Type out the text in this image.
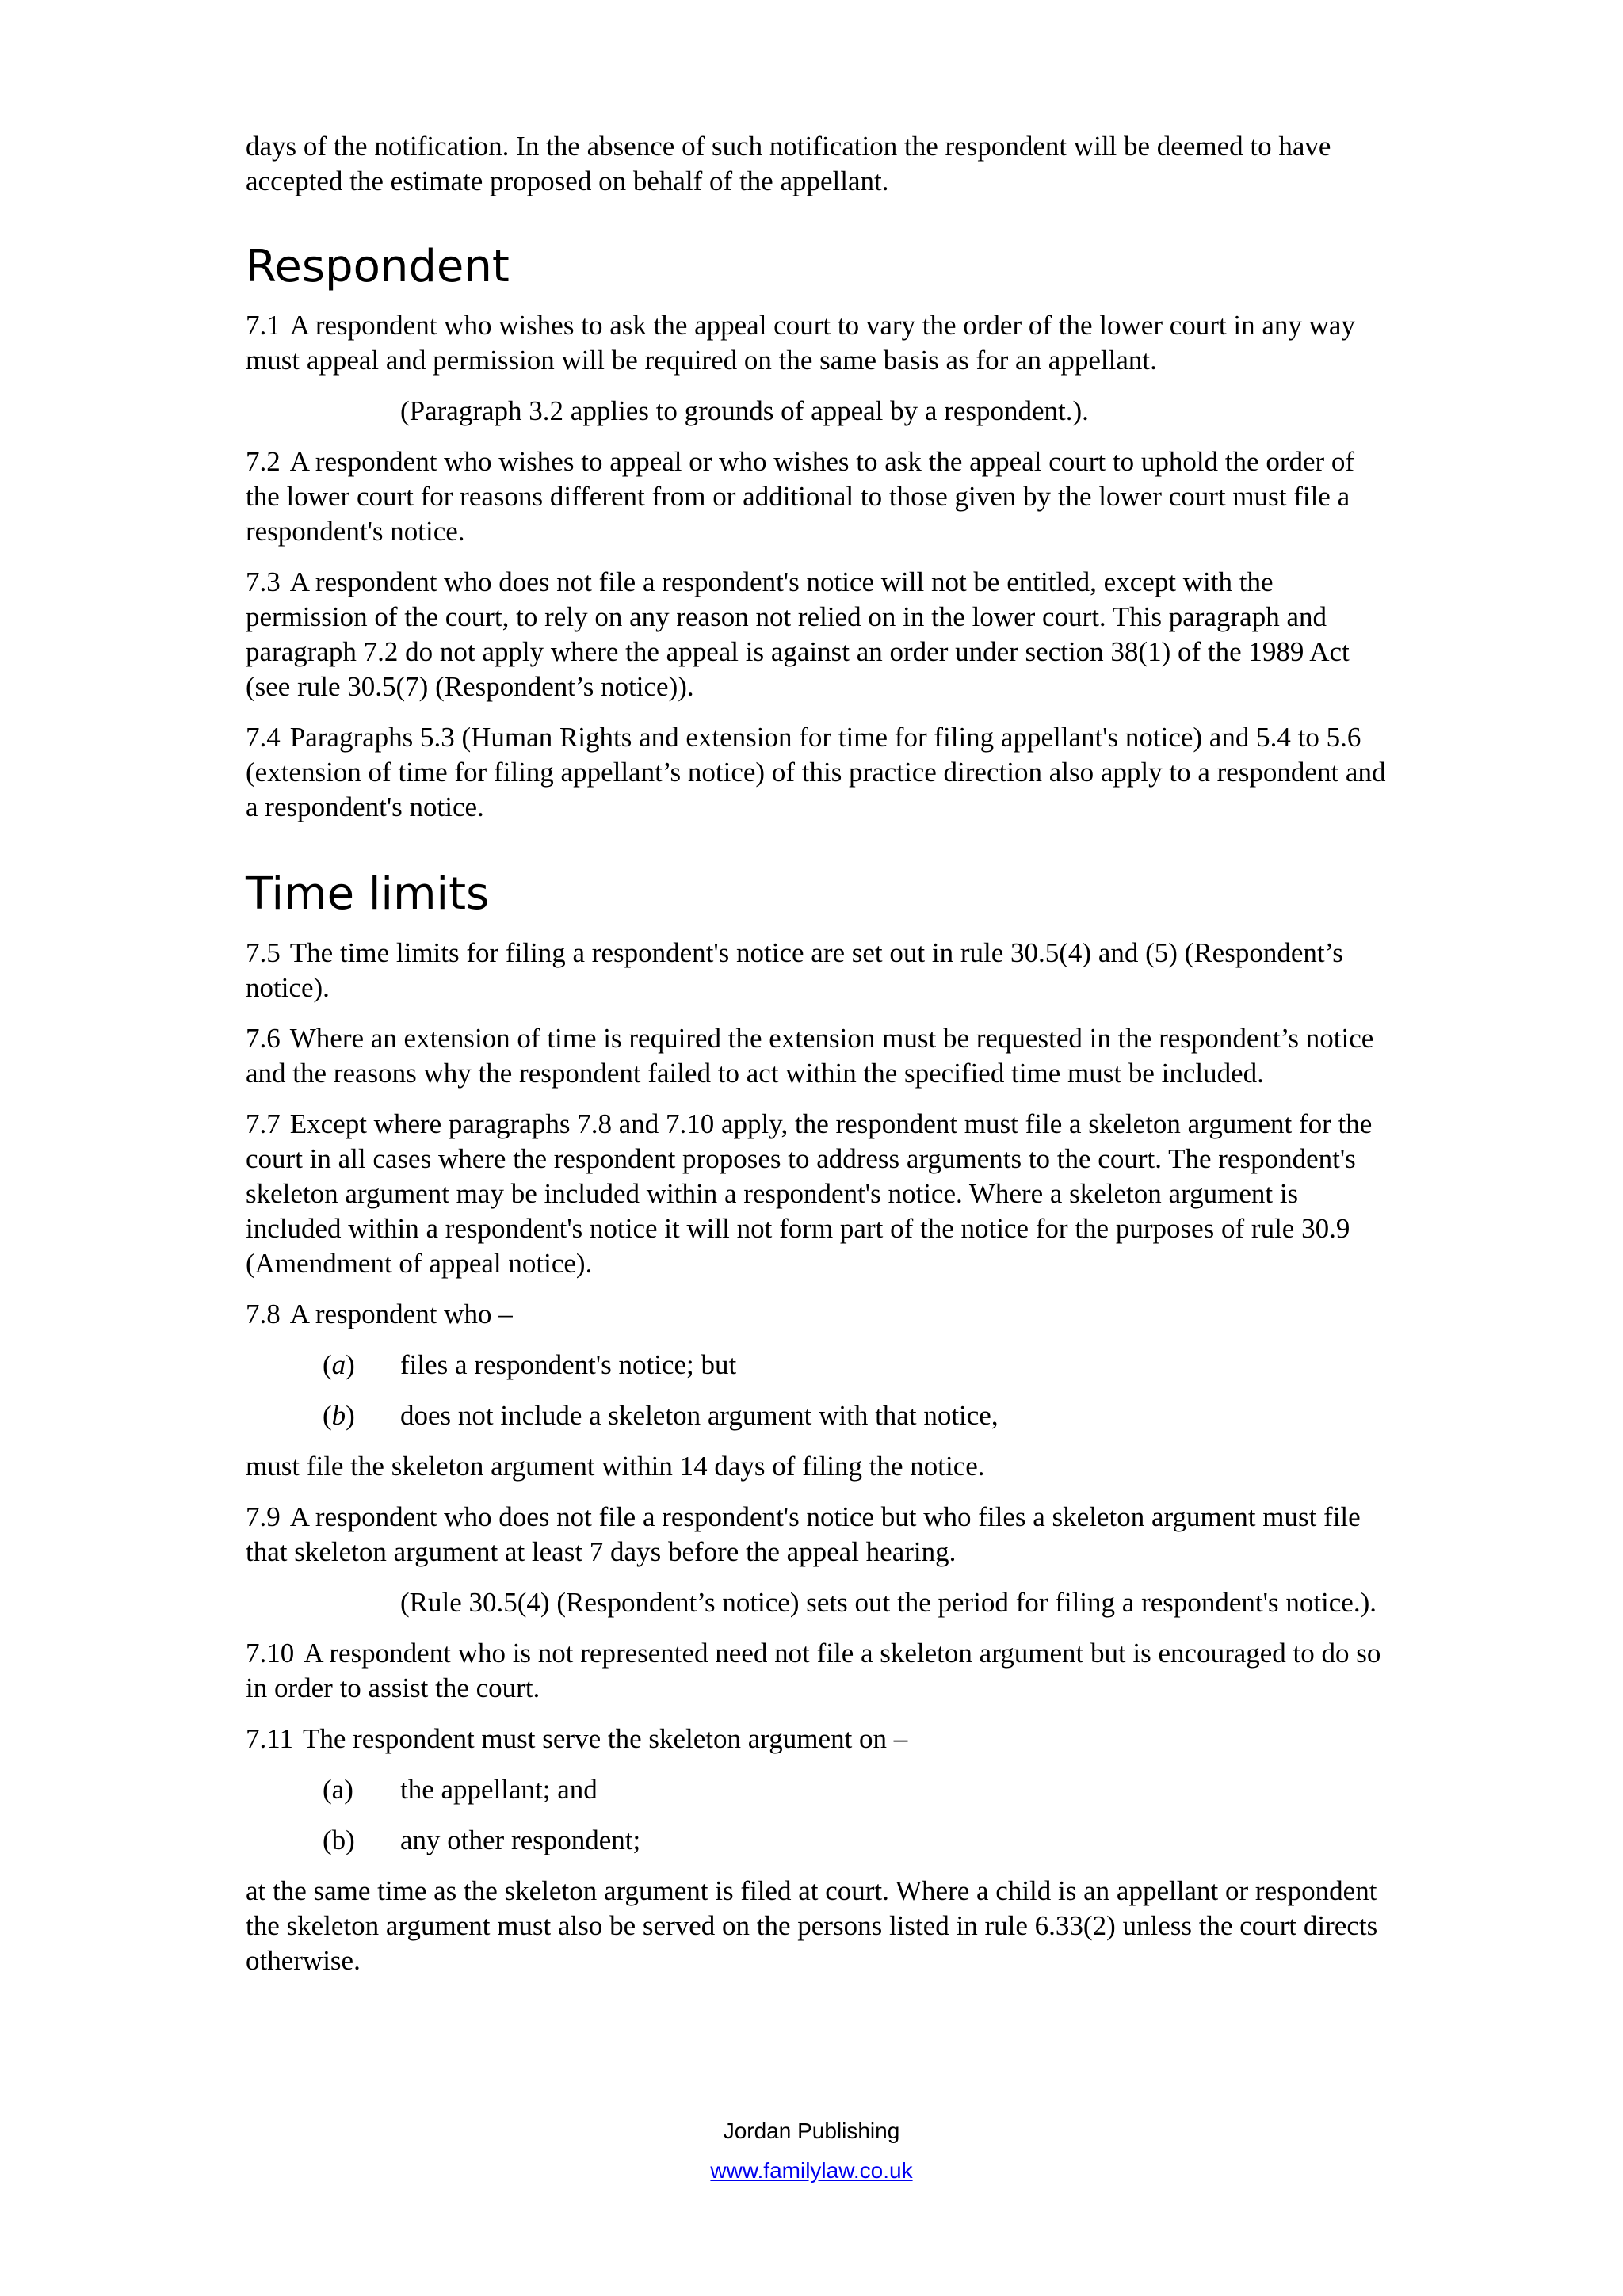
days of the notification. In the absence of such notification the respondent will be deemed to have accepted the estimate proposed on behalf of the appellant.

Respondent

7.1 A respondent who wishes to ask the appeal court to vary the order of the lower court in any way must appeal and permission will be required on the same basis as for an appellant.

(Paragraph 3.2 applies to grounds of appeal by a respondent.).

7.2 A respondent who wishes to appeal or who wishes to ask the appeal court to uphold the order of the lower court for reasons different from or additional to those given by the lower court must file a respondent's notice.

7.3 A respondent who does not file a respondent's notice will not be entitled, except with the permission of the court, to rely on any reason not relied on in the lower court. This paragraph and paragraph 7.2 do not apply where the appeal is against an order under section 38(1) of the 1989 Act (see rule 30.5(7) (Respondent’s notice)).

7.4 Paragraphs 5.3 (Human Rights and extension for time for filing appellant's notice) and 5.4 to 5.6 (extension of time for filing appellant’s notice) of this practice direction also apply to a respondent and a respondent's notice.

Time limits

7.5 The time limits for filing a respondent's notice are set out in rule 30.5(4) and (5) (Respondent’s notice).

7.6 Where an extension of time is required the extension must be requested in the respondent’s notice and the reasons why the respondent failed to act within the specified time must be included.

7.7 Except where paragraphs 7.8 and 7.10 apply, the respondent must file a skeleton argument for the court in all cases where the respondent proposes to address arguments to the court. The respondent's skeleton argument may be included within a respondent's notice. Where a skeleton argument is included within a respondent's notice it will not form part of the notice for the purposes of rule 30.9 (Amendment of appeal notice).

7.8 A respondent who –

(a)	files a respondent's notice; but
(b)	does not include a skeleton argument with that notice,

must file the skeleton argument within 14 days of filing the notice.

7.9 A respondent who does not file a respondent's notice but who files a skeleton argument must file that skeleton argument at least 7 days before the appeal hearing.

(Rule 30.5(4) (Respondent’s notice) sets out the period for filing a respondent's notice.).

7.10 A respondent who is not represented need not file a skeleton argument but is encouraged to do so in order to assist the court.

7.11 The respondent must serve the skeleton argument on –

(a)	the appellant; and
(b)	any other respondent;

at the same time as the skeleton argument is filed at court. Where a child is an appellant or respondent the skeleton argument must also be served on the persons listed in rule 6.33(2) unless the court directs otherwise.

Jordan Publishing
www.familylaw.co.uk
